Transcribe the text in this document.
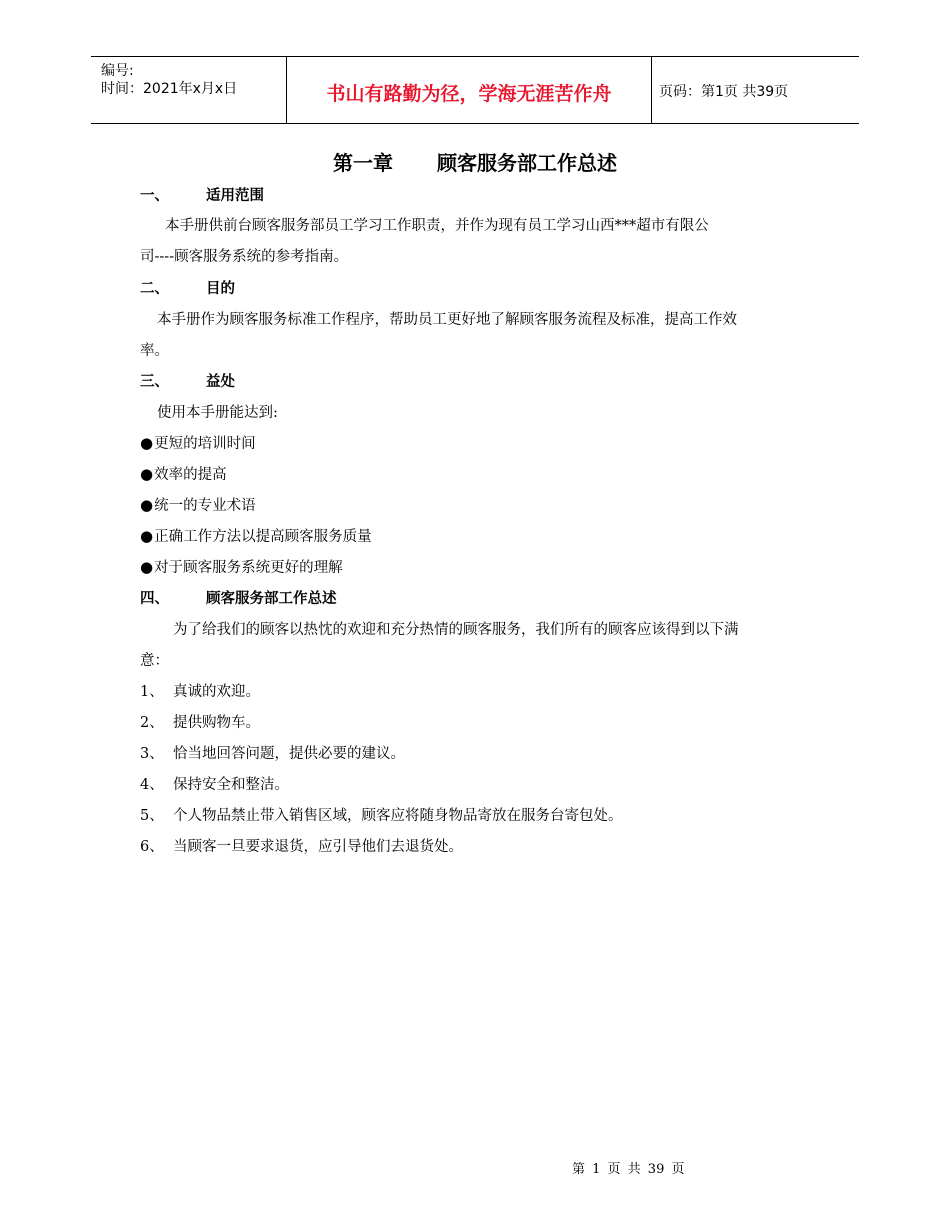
编号:
时间：2021年x月x日	书山有路勤为径，学海无涯苦作舟	页码：第1页 共39页
第一章 顾客服务部工作总述
一、	适用范围
本手册供前台顾客服务部员工学习工作职责，并作为现有员工学习山西***超市有限公
司----顾客服务系统的参考指南。
二、	目的
本手册作为顾客服务标准工作程序，帮助员工更好地了解顾客服务流程及标准，提高工作效
率。
三、	益处
使用本手册能达到:
●更短的培训时间
●效率的提高
●统一的专业术语
●正确工作方法以提高顾客服务质量
●对于顾客服务系统更好的理解
四、	顾客服务部工作总述
为了给我们的顾客以热忱的欢迎和充分热情的顾客服务，我们所有的顾客应该得到以下满
意：
1、 真诚的欢迎。
2、 提供购物车。
3、 恰当地回答问题，提供必要的建议。
4、 保持安全和整洁。
5、 个人物品禁止带入销售区域，顾客应将随身物品寄放在服务台寄包处。
6、 当顾客一旦要求退货，应引导他们去退货处。
第 1 页 共 39 页
